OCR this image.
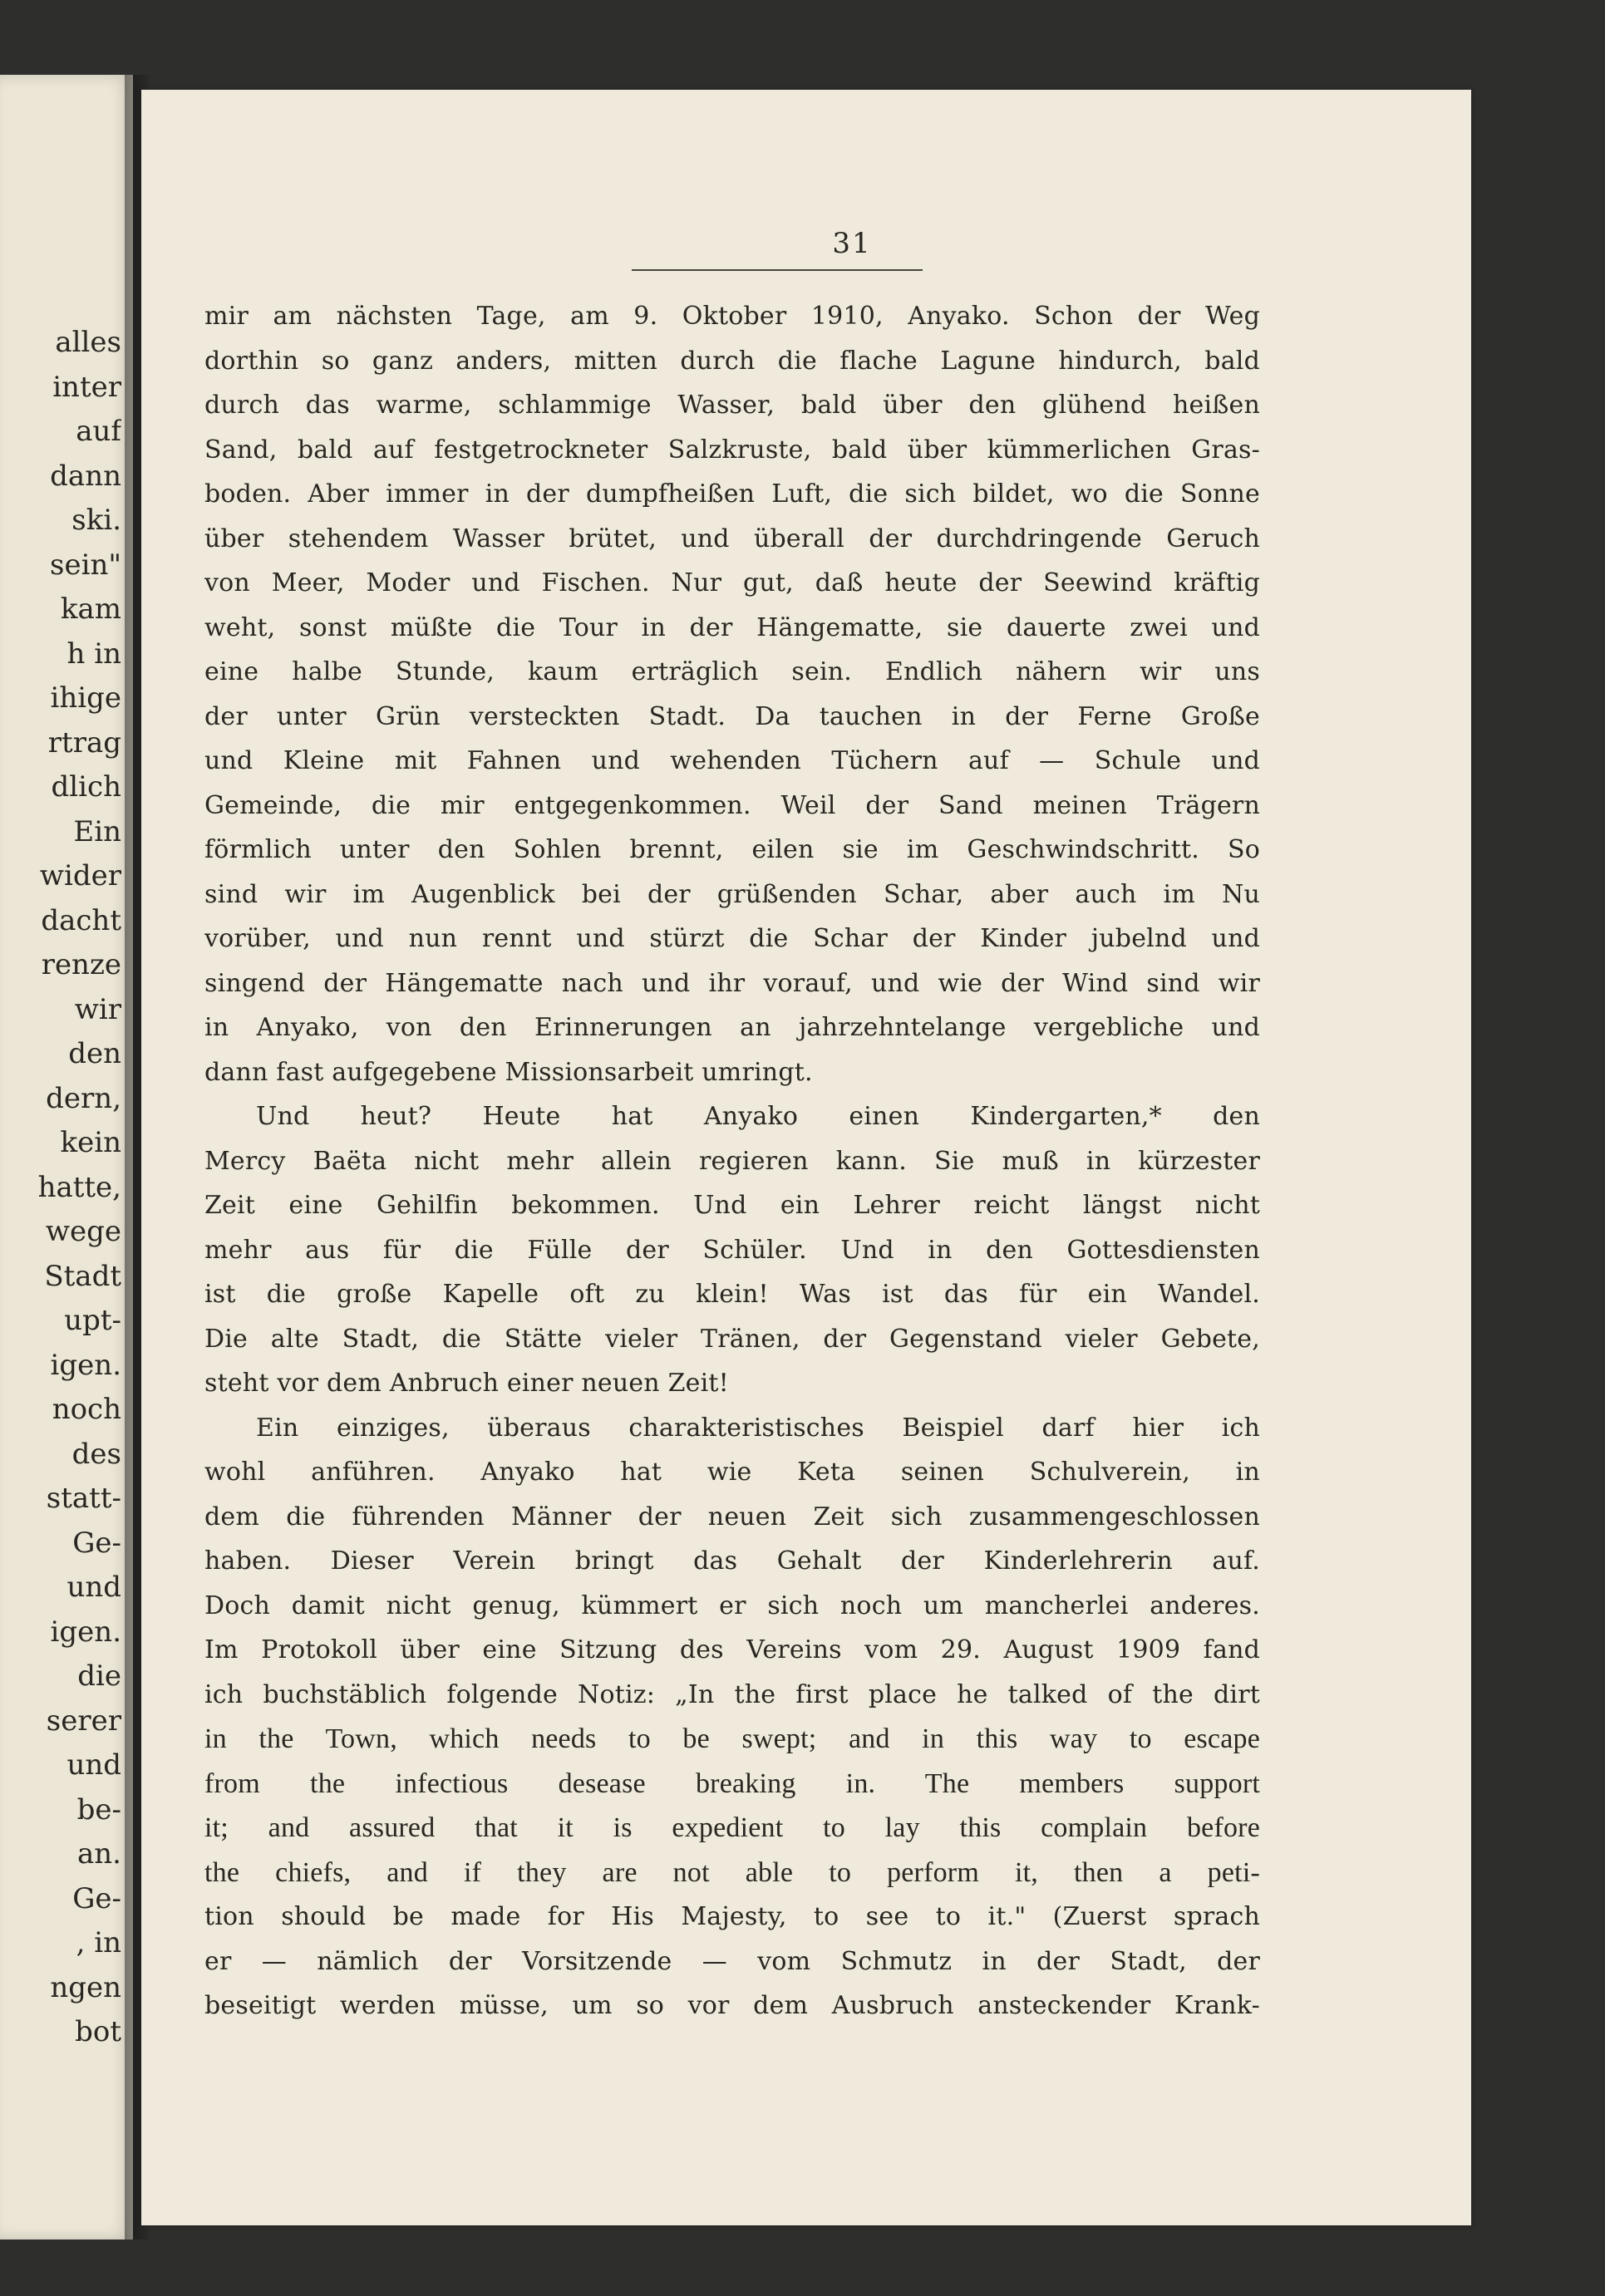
alles
inter
auf
dann
ski.
sein"
kam
h in
ihige
rtrag
dlich
Ein
wider
dacht
renze
wir
den
dern,
kein
hatte,
wege
Stadt
upt-
igen.
noch
des
statt-
Ge-
und
igen.
die
serer
und
be-
an.
Ge-
, in
ngen
bot
31
mir am nächsten Tage, am 9. Oktober 1910, Anyako. Schon der Weg
dorthin so ganz anders, mitten durch die flache Lagune hindurch, bald
durch das warme, schlammige Wasser, bald über den glühend heißen
Sand, bald auf festgetrockneter Salzkruste, bald über kümmerlichen Gras-
boden. Aber immer in der dumpfheißen Luft, die sich bildet, wo die Sonne
über stehendem Wasser brütet, und überall der durchdringende Geruch
von Meer, Moder und Fischen. Nur gut, daß heute der Seewind kräftig
weht, sonst müßte die Tour in der Hängematte, sie dauerte zwei und
eine halbe Stunde, kaum erträglich sein. Endlich nähern wir uns
der unter Grün versteckten Stadt. Da tauchen in der Ferne Große
und Kleine mit Fahnen und wehenden Tüchern auf — Schule und
Gemeinde, die mir entgegenkommen. Weil der Sand meinen Trägern
förmlich unter den Sohlen brennt, eilen sie im Geschwindschritt. So
sind wir im Augenblick bei der grüßenden Schar, aber auch im Nu
vorüber, und nun rennt und stürzt die Schar der Kinder jubelnd und
singend der Hängematte nach und ihr vorauf, und wie der Wind sind wir
in Anyako, von den Erinnerungen an jahrzehntelange vergebliche und
dann fast aufgegebene Missionsarbeit umringt.
Und heut? Heute hat Anyako einen Kindergarten,* den
Mercy Baëta nicht mehr allein regieren kann. Sie muß in kürzester
Zeit eine Gehilfin bekommen. Und ein Lehrer reicht längst nicht
mehr aus für die Fülle der Schüler. Und in den Gottesdiensten
ist die große Kapelle oft zu klein! Was ist das für ein Wandel.
Die alte Stadt, die Stätte vieler Tränen, der Gegenstand vieler Gebete,
steht vor dem Anbruch einer neuen Zeit!
Ein einziges, überaus charakteristisches Beispiel darf hier ich
wohl anführen. Anyako hat wie Keta seinen Schulverein, in
dem die führenden Männer der neuen Zeit sich zusammengeschlossen
haben. Dieser Verein bringt das Gehalt der Kinderlehrerin auf.
Doch damit nicht genug, kümmert er sich noch um mancherlei anderes.
Im Protokoll über eine Sitzung des Vereins vom 29. August 1909 fand
ich buchstäblich folgende Notiz: „In the first place he talked of the dirt
in the Town, which needs to be swept; and in this way to escape
from the infectious desease breaking in. The members support
it; and assured that it is expedient to lay this complain before
the chiefs, and if they are not able to perform it, then a peti-
tion should be made for His Majesty, to see to it." (Zuerst sprach
er — nämlich der Vorsitzende — vom Schmutz in der Stadt, der
beseitigt werden müsse, um so vor dem Ausbruch ansteckender Krank-
